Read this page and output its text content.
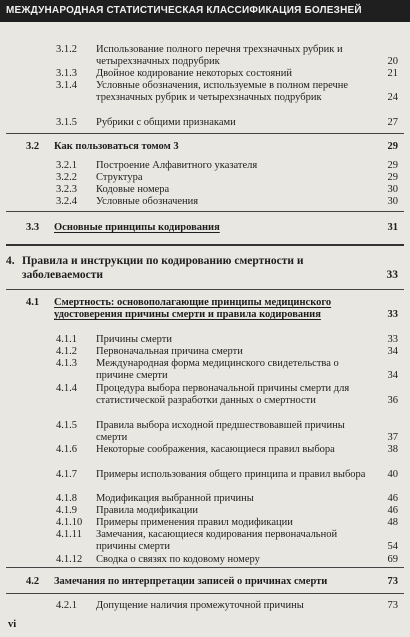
МЕЖДУНАРОДНАЯ СТАТИСТИЧЕСКАЯ КЛАССИФИКАЦИЯ БОЛЕЗНЕЙ
3.1.2 Использование полного перечня трехзначных рубрик и четырехзначных подрубрик	20
3.1.3 Двойное кодирование некоторых состояний	21
3.1.4 Условные обозначения, используемые в полном перечне трехзначных рубрик и четырехзначных подрубрик	24
3.1.5 Рубрики с общими признаками	27
3.2 Как пользоваться томом 3	29
3.2.1 Построение Алфавитного указателя	29
3.2.2 Структура	29
3.2.3 Кодовые номера	30
3.2.4 Условные обозначения	30
3.3 Основные принципы кодирования	31
4. Правила и инструкции по кодированию смертности и заболеваемости	33
4.1 Смертность: основополагающие принципы медицинского удостоверения причины смерти и правила кодирования	33
4.1.1 Причины смерти	33
4.1.2 Первоначальная причина смерти	34
4.1.3 Международная форма медицинского свидетельства о причине смерти	34
4.1.4 Процедура выбора первоначальной причины смерти для статистической разработки данных о смертности	36
4.1.5 Правила выбора исходной предшествовавшей причины смерти	37
4.1.6 Некоторые соображения, касающиеся правил выбора	38
4.1.7 Примеры использования общего принципа и правил выбора 40
4.1.8 Модификация выбранной причины	46
4.1.9 Правила модификации	46
4.1.10 Примеры применения правил модификации	48
4.1.11 Замечания, касающиеся кодирования первоначальной причины смерти	54
4.1.12 Сводка о связях по кодовому номеру	69
4.2 Замечания по интерпретации записей о причинах смерти	73
4.2.1 Допущение наличия промежуточной причины	73
vi
